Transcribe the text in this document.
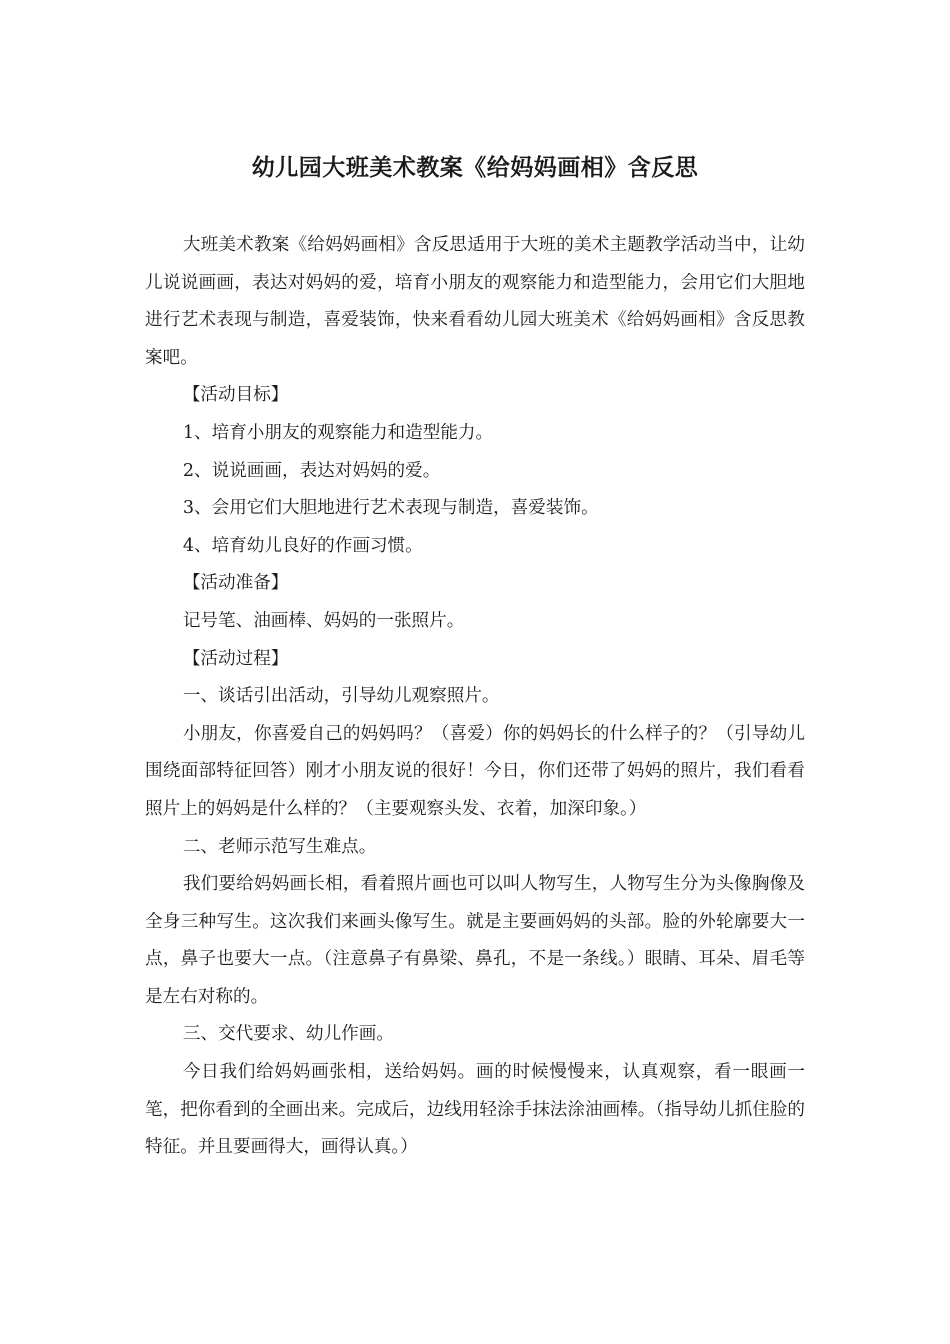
幼儿园大班美术教案《给妈妈画相》含反思

大班美术教案《给妈妈画相》含反思适用于大班的美术主题教学活动当中，让幼儿说说画画，表达对妈妈的爱，培育小朋友的观察能力和造型能力，会用它们大胆地进行艺术表现与制造，喜爱装饰，快来看看幼儿园大班美术《给妈妈画相》含反思教案吧。

【活动目标】

1、培育小朋友的观察能力和造型能力。

2、说说画画，表达对妈妈的爱。

3、会用它们大胆地进行艺术表现与制造，喜爱装饰。

4、培育幼儿良好的作画习惯。

【活动准备】

记号笔、油画棒、妈妈的一张照片。

【活动过程】

一、谈话引出活动，引导幼儿观察照片。

小朋友，你喜爱自己的妈妈吗？（喜爱）你的妈妈长的什么样子的？（引导幼儿围绕面部特征回答）刚才小朋友说的很好！今日，你们还带了妈妈的照片，我们看看照片上的妈妈是什么样的？（主要观察头发、衣着，加深印象。）

二、老师示范写生难点。

我们要给妈妈画长相，看着照片画也可以叫人物写生，人物写生分为头像胸像及全身三种写生。这次我们来画头像写生。就是主要画妈妈的头部。脸的外轮廓要大一点，鼻子也要大一点。（注意鼻子有鼻梁、鼻孔，不是一条线。）眼睛、耳朵、眉毛等是左右对称的。

三、交代要求、幼儿作画。

今日我们给妈妈画张相，送给妈妈。画的时候慢慢来，认真观察，看一眼画一笔，把你看到的全画出来。完成后，边线用轻涂手抹法涂油画棒。（指导幼儿抓住脸的特征。并且要画得大，画得认真。）
